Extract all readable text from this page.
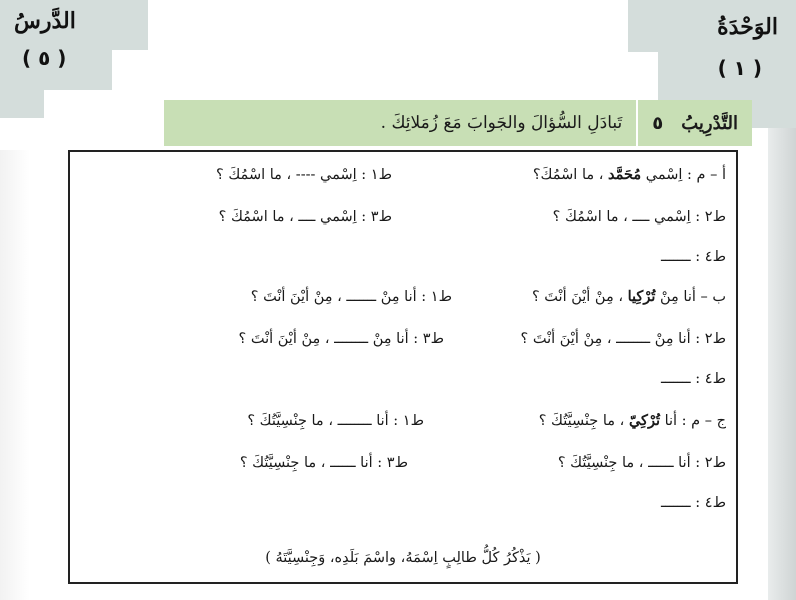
الدَّرسُ
( ٥ )
الوَحْدَةُ
( ١ )
التَّدْرِيبُ
٥
تَبادَلِ السُّؤالَ والجَوابَ مَعَ زُمَلائِكَ .
أ – م : اِسْمي مُحَمَّد ، ما اسْمُكَ؟
ط١ : اِسْمي ---- ، ما اسْمُكَ ؟
ط٢ : اِسْمي ــــ ، ما اسْمُكَ ؟
ط٣ : اِسْمي ــــ ، ما اسْمُكَ ؟
ط٤ : ـــــــ
ب – أنا مِنْ تُرْكِيا ، مِنْ أيْنَ أنْتَ ؟
ط١ : أنا مِنْ ـــــــ ، مِنْ أيْنَ أنْتَ ؟
ط٢ : أنا مِنْ ــــــــ ، مِنْ أيْنَ أنْتَ ؟
ط٣ : أنا مِنْ ــــــــ ، مِنْ أيْنَ أنْتَ ؟
ط٤ : ـــــــ
ج – م : أنا تُرْكِيّ ، ما جِنْسِيَّتُكَ ؟
ط١ : أنا ــــــــ ، ما جِنْسِيَّتُكَ ؟
ط٢ : أنا ــــــ ، ما جِنْسِيَّتُكَ ؟
ط٣ : أنا ــــــ ، ما جِنْسِيَّتُكَ ؟
ط٤ : ـــــــ
( يَذْكُرُ كُلُّ طالِبٍ اِسْمَهُ، واسْمَ بَلَدِه، وَجِنْسِيَّتَهُ )
